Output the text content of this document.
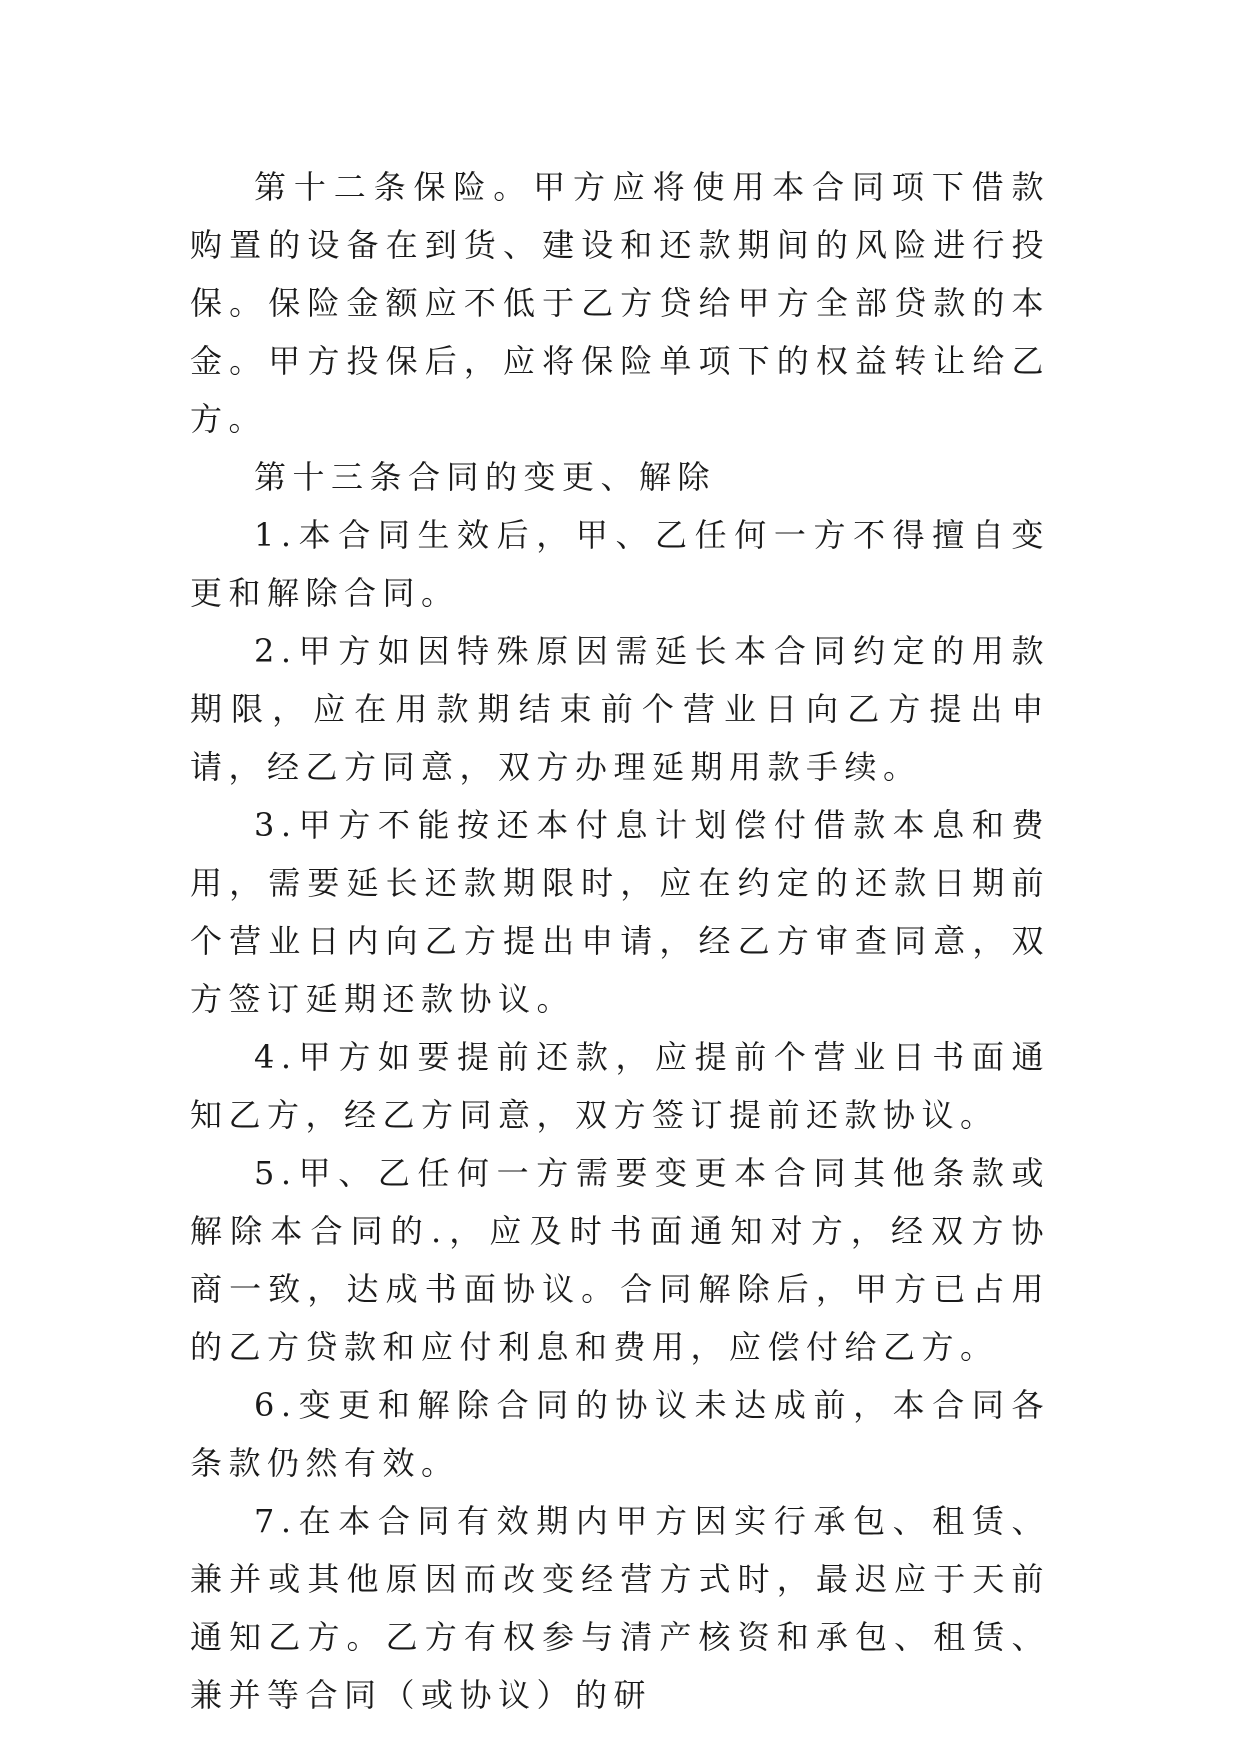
第十二条保险。甲方应将使用本合同项下借款购置的设备在到货、建设和还款期间的风险进行投保。保险金额应不低于乙方贷给甲方全部贷款的本金。甲方投保后，应将保险单项下的权益转让给乙方。

第十三条合同的变更、解除

1.本合同生效后，甲、乙任何一方不得擅自变更和解除合同。

2.甲方如因特殊原因需延长本合同约定的用款期限，应在用款期结束前个营业日向乙方提出申请，经乙方同意，双方办理延期用款手续。

3.甲方不能按还本付息计划偿付借款本息和费用，需要延长还款期限时，应在约定的还款日期前个营业日内向乙方提出申请，经乙方审查同意，双方签订延期还款协议。

4.甲方如要提前还款，应提前个营业日书面通知乙方，经乙方同意，双方签订提前还款协议。

5.甲、乙任何一方需要变更本合同其他条款或解除本合同的.，应及时书面通知对方，经双方协商一致，达成书面协议。合同解除后，甲方已占用的乙方贷款和应付利息和费用，应偿付给乙方。

6.变更和解除合同的协议未达成前，本合同各条款仍然有效。

7.在本合同有效期内甲方因实行承包、租赁、兼并或其他原因而改变经营方式时，最迟应于天前通知乙方。乙方有权参与清产核资和承包、租赁、兼并等合同（或协议）的研
